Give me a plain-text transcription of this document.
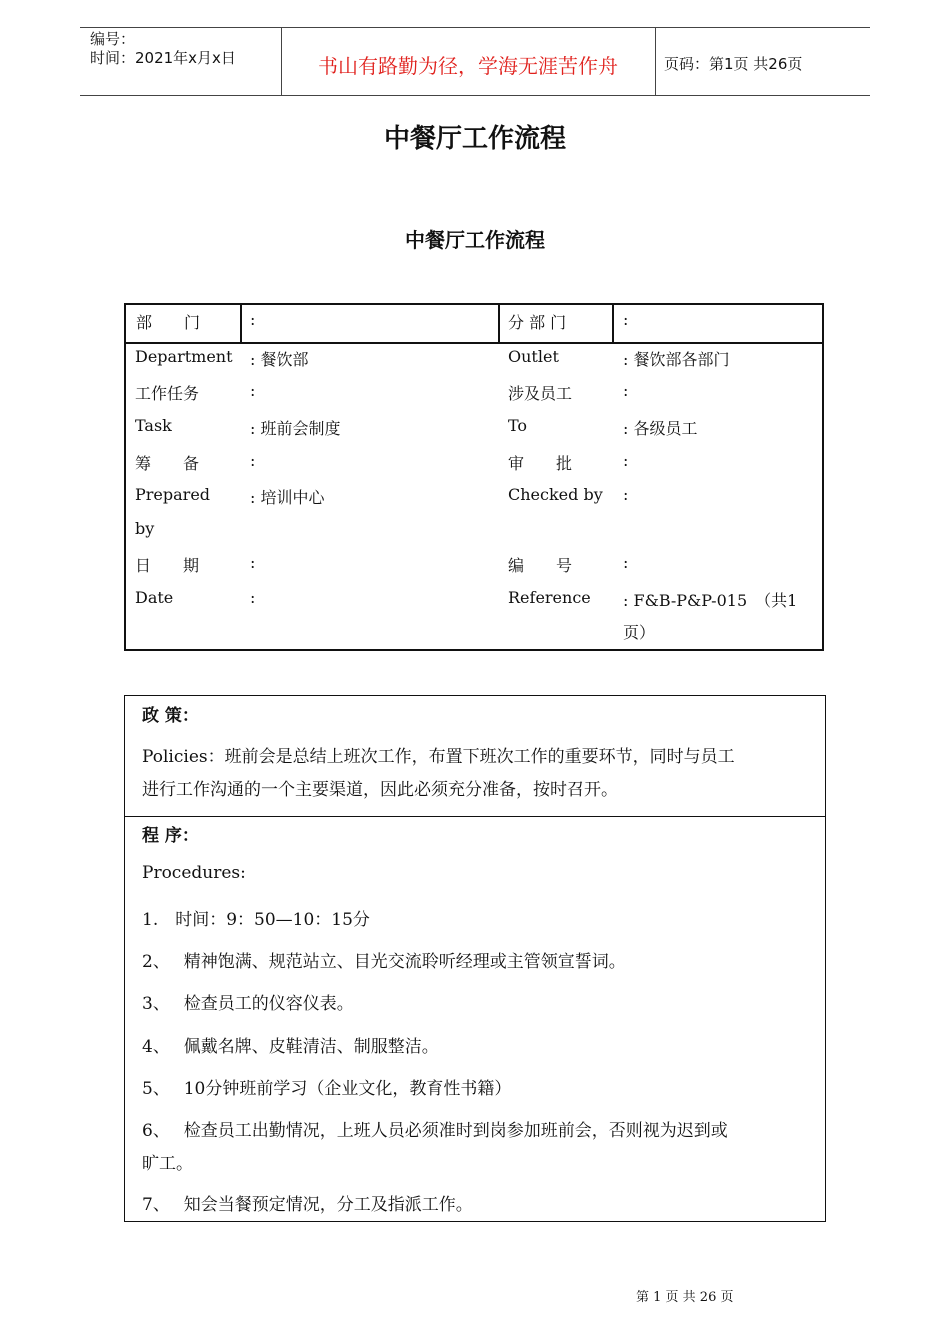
编号：
时间：2021年x月x日	书山有路勤为径，学海无涯苦作舟	页码：第1页 共26页
中餐厅工作流程
中餐厅工作流程
部　　门	:	分 部 门	:
Department : 餐饮部	Outlet	: 餐饮部各部门
工作任务	:	涉及员工	:
Task	: 班前会制度	To	: 各级员工
筹　　备	:	审　　批	:
Prepared : 培训中心	Checked by :
by
日　　期	:	编　　号	:
Date	:	Reference : F&B-P&P-015　（共1
页）
政 策：
Policies：班前会是总结上班次工作，布置下班次工作的重要环节，同时与员工
进行工作沟通的一个主要渠道，因此必须充分准备，按时召开。
程 序：
Procedures:
1.　时间：9：50—10：15分
2、　 精神饱满、规范站立、目光交流聆听经理或主管领宣誓词。
3、　 检查员工的仪容仪表。
4、　 佩戴名牌、皮鞋清洁、制服整洁。
5、　 10分钟班前学习（企业文化，教育性书籍）
6、　 检查员工出勤情况，上班人员必须准时到岗参加班前会，否则视为迟到或
旷工。
7、　 知会当餐预定情况，分工及指派工作。
第 1 页 共 26 页
